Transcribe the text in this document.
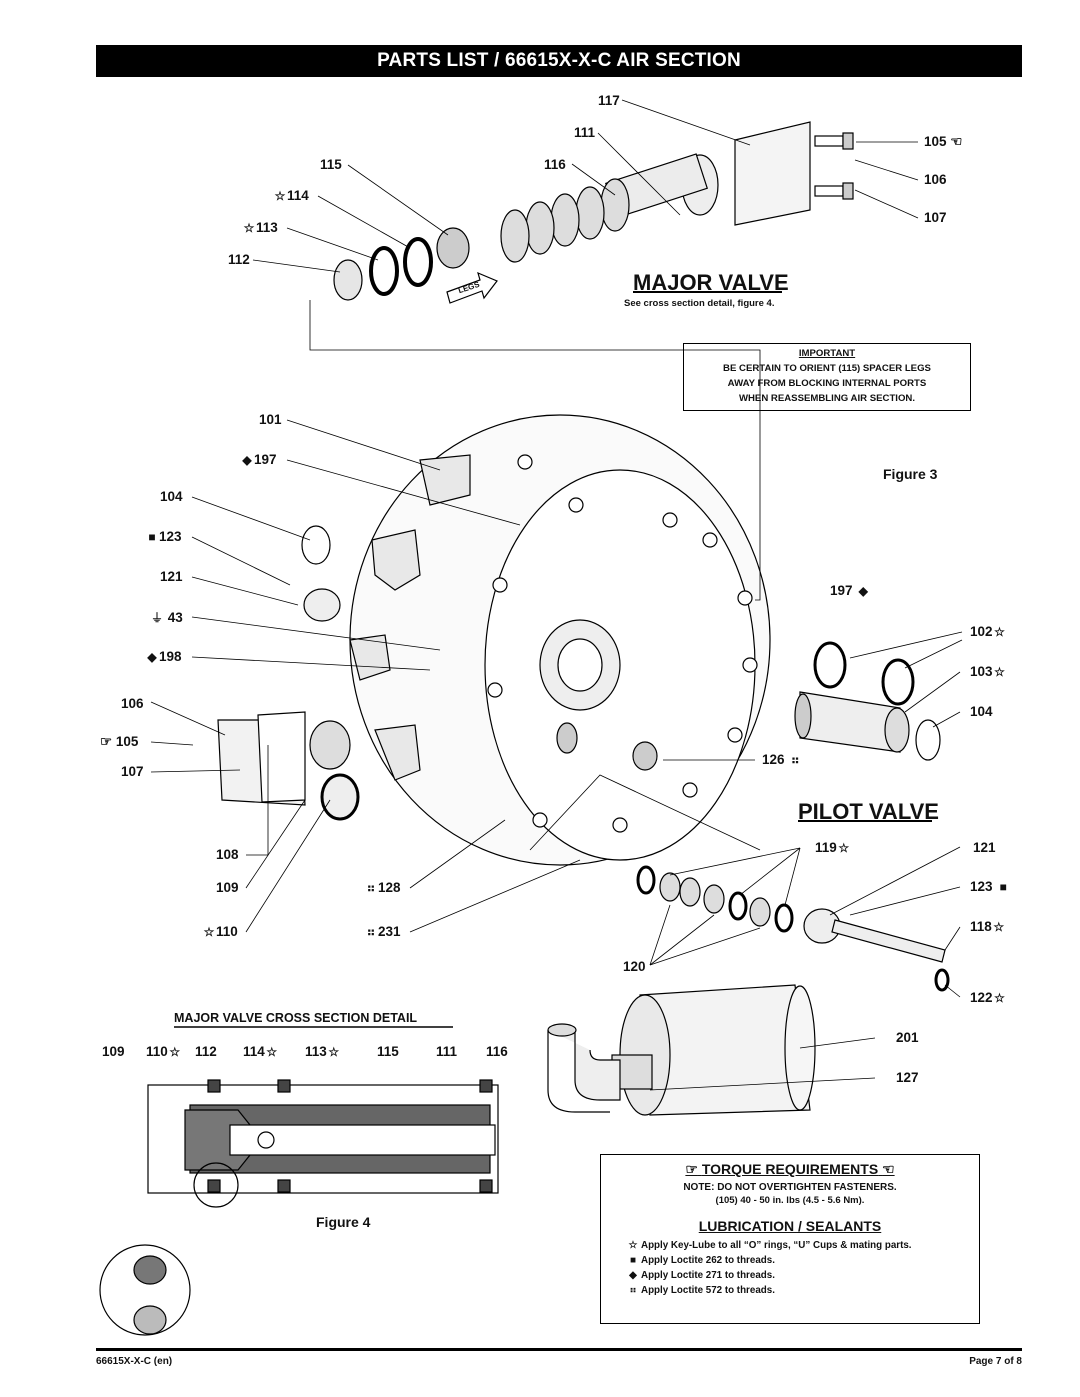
PARTS LIST / 66615X-X-C AIR SECTION
MAJOR VALVE
See cross section detail, figure 4.
LEGS
IMPORTANT
BE CERTAIN TO ORIENT (115) SPACER LEGS
AWAY FROM BLOCKING INTERNAL PORTS
WHEN REASSEMBLING AIR SECTION.
Figure 3
PILOT VALVE
117
111
115	116
☆ 114
☆ 113
112
105 ☜
106
107
101
◆ 197
104
■ 123
121
⏚ 43
◆ 198
106
☞ 105
107
108
109
☆ 110
⠶ 128
⠶ 231
197 ◆
102 ☆
103 ☆
104
126 ⠶
119 ☆	121
123 ■
118 ☆
120
122 ☆
201
127
MAJOR VALVE CROSS SECTION DETAIL
109 110 ☆ 112 114 ☆ 113 ☆	115	111 116
Figure 4
☞ TORQUE REQUIREMENTS ☜
NOTE: DO NOT OVERTIGHTEN FASTENERS.
(105) 40 - 50 in. lbs (4.5 - 5.6 Nm).
LUBRICATION / SEALANTS
☆ Apply Key-Lube to all “O” rings, “U” Cups & mating parts.
■ Apply Loctite 262 to threads.
◆ Apply Loctite 271 to threads.
⠶ Apply Loctite 572 to threads.
66615X-X-C (en)	Page 7 of 8
